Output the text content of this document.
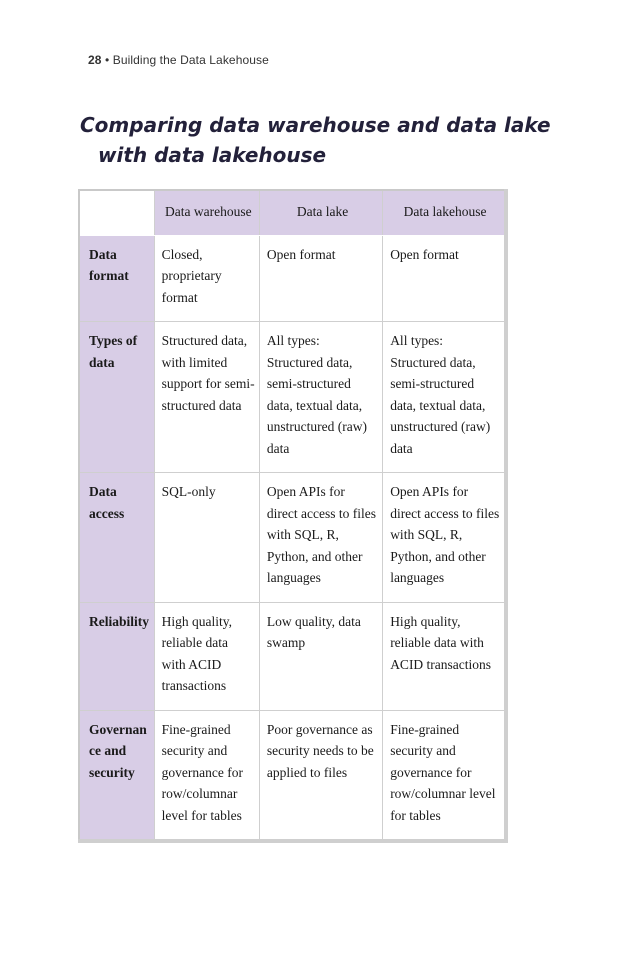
28 • Building the Data Lakehouse
Comparing data warehouse and data lake with data lakehouse
	Data warehouse	Data lake	Data lakehouse
Data format	Closed, proprietary format	Open format	Open format
Types of data	Structured data, with limited support for semi-structured data	All types: Structured data, semi-structured data, textual data, unstructured (raw) data	All types: Structured data, semi-structured data, textual data, unstructured (raw) data
Data access	SQL-only	Open APIs for direct access to files with SQL, R, Python, and other languages	Open APIs for direct access to files with SQL, R, Python, and other languages
Reliability	High quality, reliable data with ACID transactions	Low quality, data swamp	High quality, reliable data with ACID transactions
Governance and security	Fine-grained security and governance for row/columnar level for tables	Poor governance as security needs to be applied to files	Fine-grained security and governance for row/columnar level for tables
